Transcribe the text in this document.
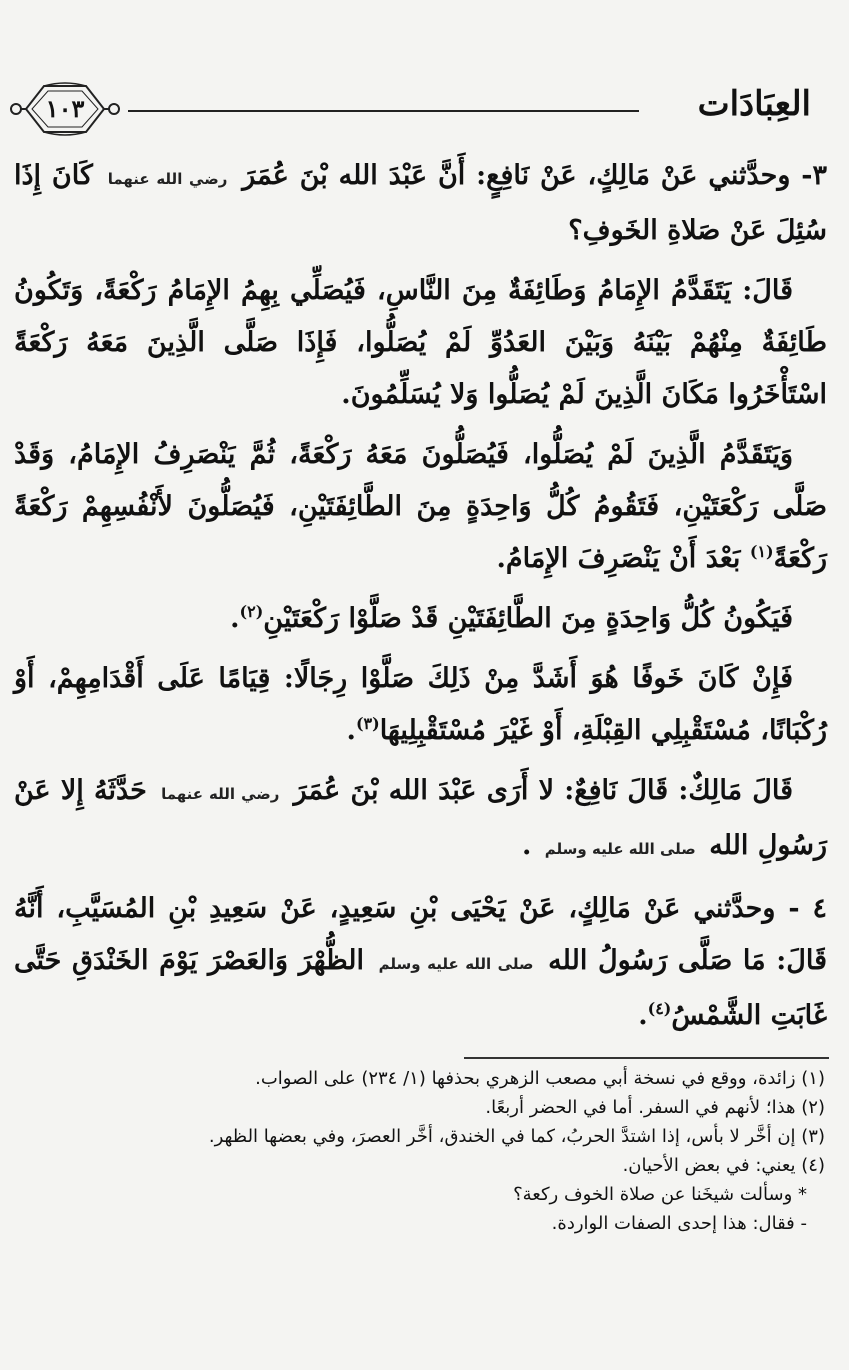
العِبَادَات
١٠٣

٣- وحدَّثني عَنْ مَالِكٍ، عَنْ نَافِعٍ: أَنَّ عَبْدَ الله بْنَ عُمَرَ رضي الله عنهما كَانَ إِذَا سُئِلَ عَنْ صَلاةِ الخَوفِ؟

قَالَ: يَتَقَدَّمُ الإِمَامُ وَطَائِفَةٌ مِنَ النَّاسِ، فَيُصَلِّي بِهِمُ الإِمَامُ رَكْعَةً، وَتَكُونُ طَائِفَةٌ مِنْهُمْ بَيْنَهُ وَبَيْنَ العَدُوِّ لَمْ يُصَلُّوا، فَإِذَا صَلَّى الَّذِينَ مَعَهُ رَكْعَةً اسْتَأْخَرُوا مَكَانَ الَّذِينَ لَمْ يُصَلُّوا وَلا يُسَلِّمُونَ.

وَيَتَقَدَّمُ الَّذِينَ لَمْ يُصَلُّوا، فَيُصَلُّونَ مَعَهُ رَكْعَةً، ثُمَّ يَنْصَرِفُ الإِمَامُ، وَقَدْ صَلَّى رَكْعَتَيْنِ، فَتَقُومُ كُلُّ وَاحِدَةٍ مِنَ الطَّائِفَتَيْنِ، فَيُصَلُّونَ لأَنْفُسِهِمْ رَكْعَةً رَكْعَةً$^{(١)}$ بَعْدَ أَنْ يَنْصَرِفَ الإِمَامُ.

فَيَكُونُ كُلُّ وَاحِدَةٍ مِنَ الطَّائِفَتَيْنِ قَدْ صَلَّوْا رَكْعَتَيْنِ$^{(٢)}$.

فَإِنْ كَانَ خَوفًا هُوَ أَشَدَّ مِنْ ذَلِكَ صَلَّوْا رِجَالًا: قِيَامًا عَلَى أَقْدَامِهِمْ، أَوْ رُكْبَانًا، مُسْتَقْبِلِي القِبْلَةِ، أَوْ غَيْرَ مُسْتَقْبِلِيهَا$^{(٣)}$.

قَالَ مَالِكٌ: قَالَ نَافِعٌ: لا أَرَى عَبْدَ الله بْنَ عُمَرَ رضي الله عنهما حَدَّثَهُ إِلا عَنْ رَسُولِ الله صلى الله عليه وسلم .

٤ - وحدَّثني عَنْ مَالِكٍ، عَنْ يَحْيَى بْنِ سَعِيدٍ، عَنْ سَعِيدِ بْنِ المُسَيَّبِ، أَنَّهُ قَالَ: مَا صَلَّى رَسُولُ الله صلى الله عليه وسلم الظُّهْرَ وَالعَصْرَ يَوْمَ الخَنْدَقِ حَتَّى غَابَتِ الشَّمْسُ$^{(٤)}$.

(١) زائدة، ووقع في نسخة أبي مصعب الزهري بحذفها (١/ ٢٣٤) على الصواب.

(٢) هذا؛ لأنهم في السفر. أما في الحضر أربعًا.

(٣) إن أخَّر لا بأس، إذا اشتدَّ الحربُ، كما في الخندق، أخَّر العصرَ، وفي بعضها الظهر.

(٤) يعني: في بعض الأحيان.

* وسألت شيخَنا عن صلاة الخوف ركعة؟

- فقال: هذا إحدى الصفات الواردة.
